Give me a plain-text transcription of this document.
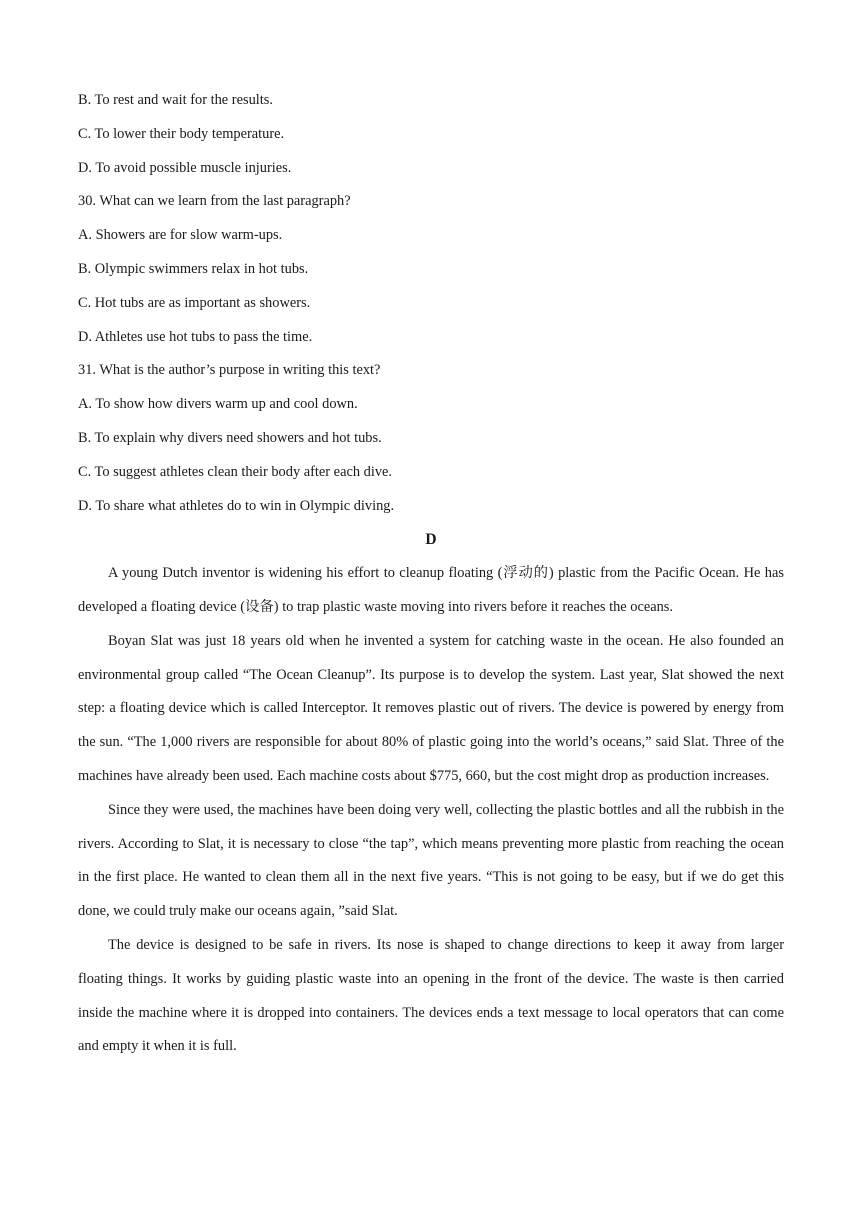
B. To rest and wait for the results.

C. To lower their body temperature.

D. To avoid possible muscle injuries.

30. What can we learn from the last paragraph?

A. Showers are for slow warm-ups.

B. Olympic swimmers relax in hot tubs.

C. Hot tubs are as important as showers.

D. Athletes use hot tubs to pass the time.

31. What is the author’s purpose in writing this text?

A. To show how divers warm up and cool down.

B. To explain why divers need showers and hot tubs.

C. To suggest athletes clean their body after each dive.

D. To share what athletes do to win in Olympic diving.

D

A young Dutch inventor is widening his effort to cleanup floating (浮动的) plastic from the Pacific Ocean. He has developed a floating device (设备) to trap plastic waste moving into rivers before it reaches the oceans.

Boyan Slat was just 18 years old when he invented a system for catching waste in the ocean. He also founded an environmental group called “The Ocean Cleanup”. Its purpose is to develop the system. Last year, Slat showed the next step: a floating device which is called Interceptor. It removes plastic out of rivers. The device is powered by energy from the sun. “The 1,000 rivers are responsible for about 80% of plastic going into the world’s oceans,” said Slat. Three of the machines have already been used. Each machine costs about $775, 660, but the cost might drop as production increases.

Since they were used, the machines have been doing very well, collecting the plastic bottles and all the rubbish in the rivers. According to Slat, it is necessary to close “the tap”, which means preventing more plastic from reaching the ocean in the first place. He wanted to clean them all in the next five years. “This is not going to be easy, but if we do get this done, we could truly make our oceans again, ”said Slat.

The device is designed to be safe in rivers. Its nose is shaped to change directions to keep it away from larger floating things. It works by guiding plastic waste into an opening in the front of the device. The waste is then carried inside the machine where it is dropped into containers. The devices ends a text message to local operators that can come and empty it when it is full.
